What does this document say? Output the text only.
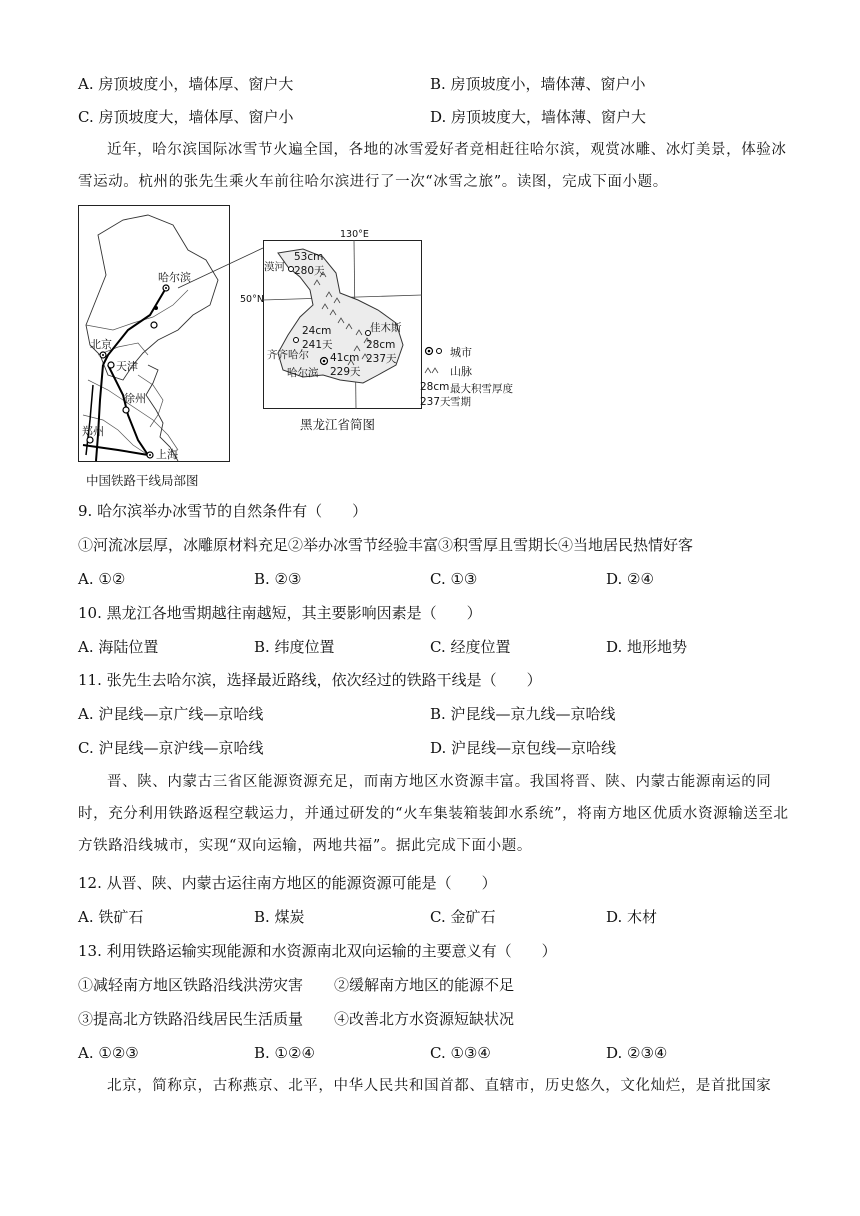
A. 房顶坡度小，墙体厚、窗户大	B. 房顶坡度小，墙体薄、窗户小
C. 房顶坡度大，墙体厚、窗户小	D. 房顶坡度大，墙体薄、窗户大
近年，哈尔滨国际冰雪节火遍全国，各地的冰雪爱好者竞相赶往哈尔滨，观赏冰雕、冰灯美景，体验冰雪运动。杭州的张先生乘火车前往哈尔滨进行了一次“冰雪之旅”。读图，完成下面小题。
哈尔滨
北京
天津
徐州
郑州
上海
中国铁路干线局部图
130°E
50°N
漠河
53cm
280天
24cm
241天
齐齐哈尔 41cm
229天
哈尔滨
佳木斯
28cm
237天
黑龙江省简图
城市
山脉
28cm
237天
最大积雪厚度
雪期
9. 哈尔滨举办冰雪节的自然条件有（　　）
①河流冰层厚，冰雕原材料充足②举办冰雪节经验丰富③积雪厚且雪期长④当地居民热情好客
A. ①②	B. ②③	C. ①③	D. ②④
10. 黑龙江各地雪期越往南越短，其主要影响因素是（　　）
A. 海陆位置	B. 纬度位置	C. 经度位置	D. 地形地势
11. 张先生去哈尔滨，选择最近路线，依次经过的铁路干线是（　　）
A. 沪昆线—京广线—京哈线	B. 沪昆线—京九线—京哈线
C. 沪昆线—京沪线—京哈线	D. 沪昆线—京包线—京哈线
晋、陕、内蒙古三省区能源资源充足，而南方地区水资源丰富。我国将晋、陕、内蒙古能源南运的同时，充分利用铁路返程空载运力，并通过研发的“火车集装箱装卸水系统”，将南方地区优质水资源输送至北方铁路沿线城市，实现“双向运输，两地共福”。据此完成下面小题。
12. 从晋、陕、内蒙古运往南方地区的能源资源可能是（　　）
A. 铁矿石	B. 煤炭	C. 金矿石	D. 木材
13. 利用铁路运输实现能源和水资源南北双向运输的主要意义有（　　）
①减轻南方地区铁路沿线洪涝灾害 ②缓解南方地区的能源不足
③提高北方铁路沿线居民生活质量 ④改善北方水资源短缺状况
A. ①②③	B. ①②④	C. ①③④	D. ②③④
北京，简称京，古称燕京、北平，中华人民共和国首都、直辖市，历史悠久，文化灿烂，是首批国家
